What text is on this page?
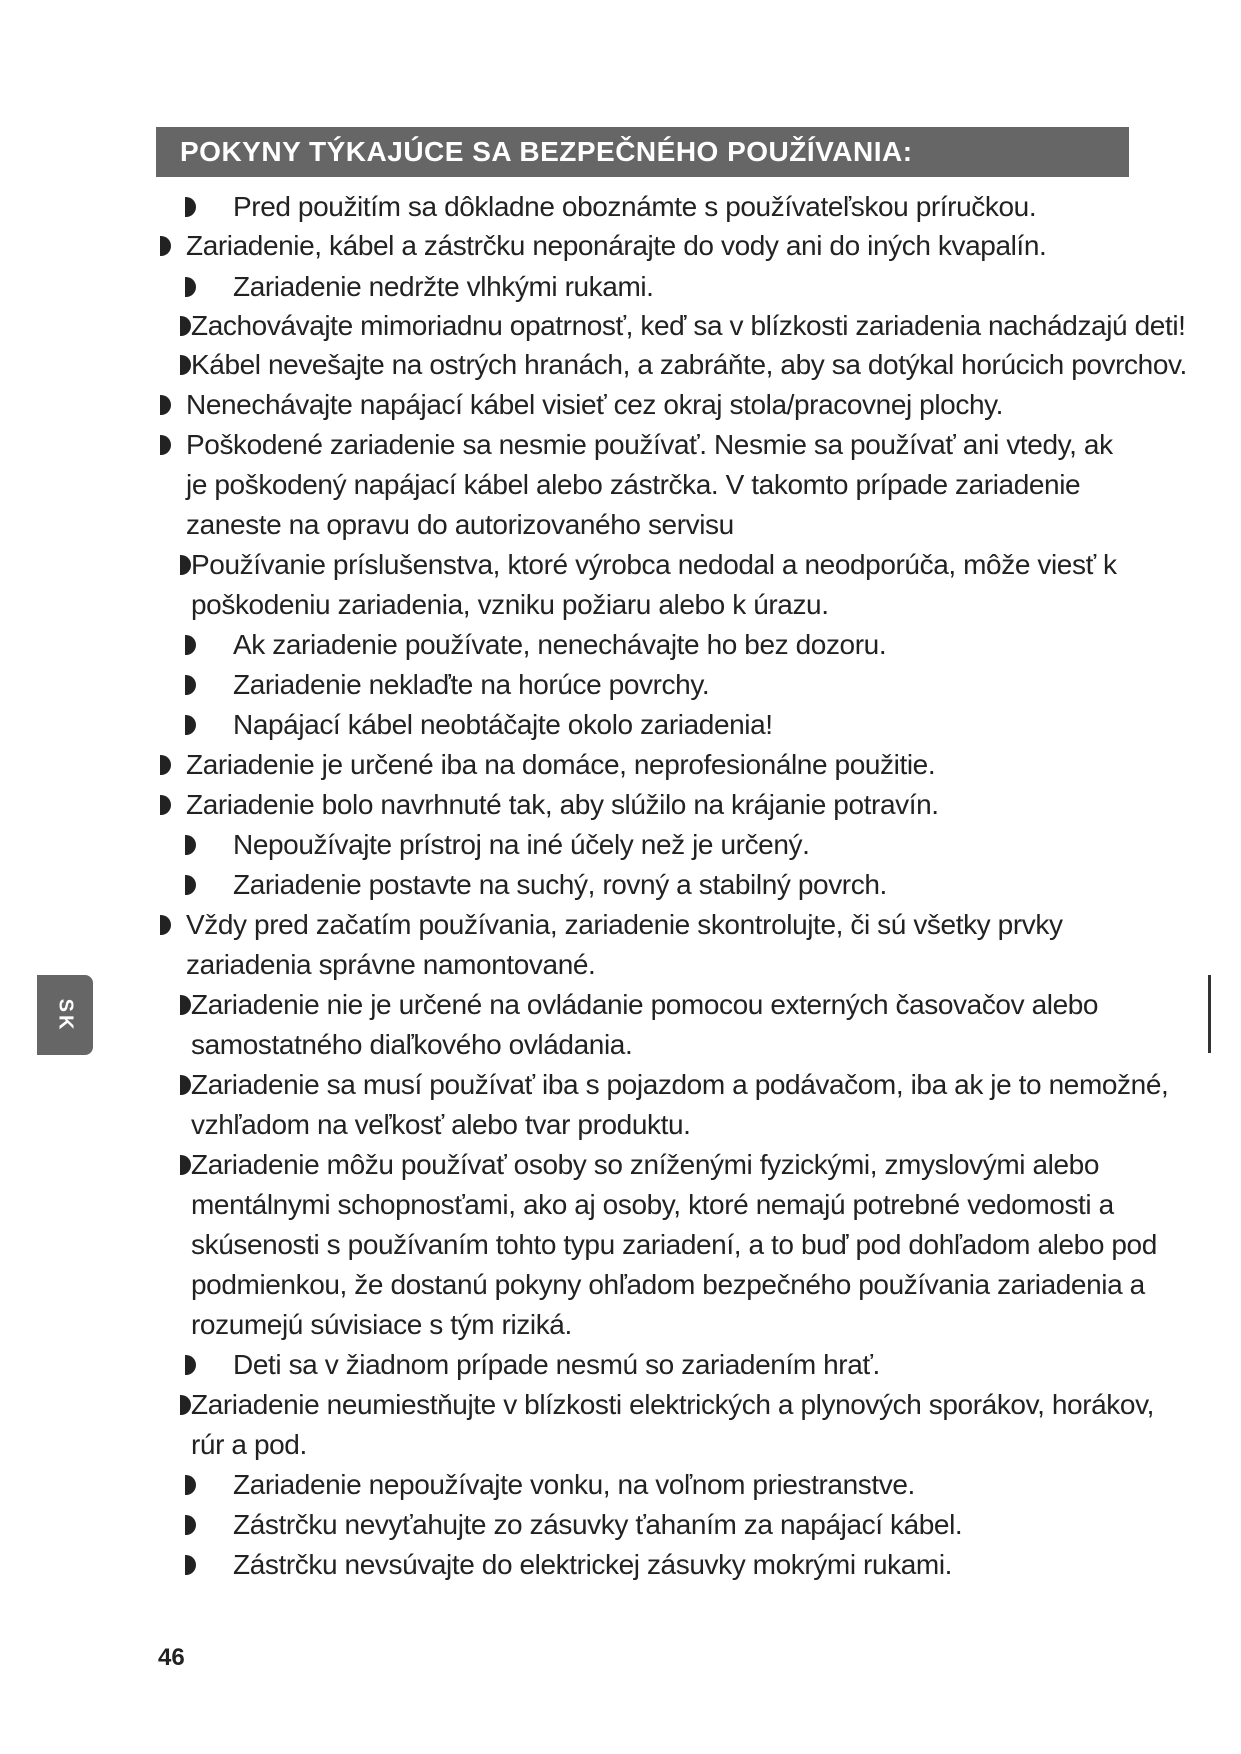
POKYNY TÝKAJÚCE SA BEZPEČNÉHO POUŽÍVANIA:
Pred použitím sa dôkladne oboznámte s používateľskou príručkou.
Zariadenie, kábel a zástrčku neponárajte do vody ani do iných kvapalín.
Zariadenie nedržte vlhkými rukami.
Zachovávajte mimoriadnu opatrnosť, keď sa v blízkosti zariadenia nachádzajú deti!
Kábel nevešajte na ostrých hranách, a zabráňte, aby sa dotýkal horúcich povrchov.
Nenechávajte napájací kábel visieť cez okraj stola/pracovnej plochy.
Poškodené zariadenie sa nesmie používať. Nesmie sa používať ani vtedy, ak je poškodený napájací kábel alebo zástrčka. V takomto prípade zariadenie zaneste na opravu do autorizovaného servisu
Používanie príslušenstva, ktoré výrobca nedodal a neodporúča, môže viesť k poškodeniu zariadenia, vzniku požiaru alebo k úrazu.
Ak zariadenie používate, nenechávajte ho bez dozoru.
Zariadenie neklaďte na horúce povrchy.
Napájací kábel neobtáčajte okolo zariadenia!
Zariadenie je určené iba na domáce, neprofesionálne použitie.
Zariadenie bolo navrhnuté tak, aby slúžilo na krájanie potravín.
Nepoužívajte prístroj na iné účely než je určený.
Zariadenie postavte na suchý, rovný a stabilný povrch.
Vždy pred začatím používania, zariadenie skontrolujte, či sú všetky prvky zariadenia správne namontované.
Zariadenie nie je určené na ovládanie pomocou externých časovačov alebo samostatného diaľkového ovládania.
Zariadenie sa musí používať iba s pojazdom a podávačom, iba ak je to nemožné, vzhľadom na veľkosť alebo tvar produktu.
Zariadenie môžu používať osoby so zníženými fyzickými, zmyslovými alebo mentálnymi schopnosťami, ako aj osoby, ktoré nemajú potrebné vedomosti a skúsenosti s používaním tohto typu zariadení, a to buď pod dohľadom alebo pod podmienkou, že dostanú pokyny ohľadom bezpečného používania zariadenia a rozumejú súvisiace s tým riziká.
Deti sa v žiadnom prípade nesmú so zariadením hrať.
Zariadenie neumiestňujte v blízkosti elektrických a plynových sporákov, horákov, rúr a pod.
Zariadenie nepoužívajte vonku, na voľnom priestranstve.
Zástrčku nevyťahujte zo zásuvky ťahaním za napájací kábel.
Zástrčku nevsúvajte do elektrickej zásuvky mokrými rukami.
SK
46
